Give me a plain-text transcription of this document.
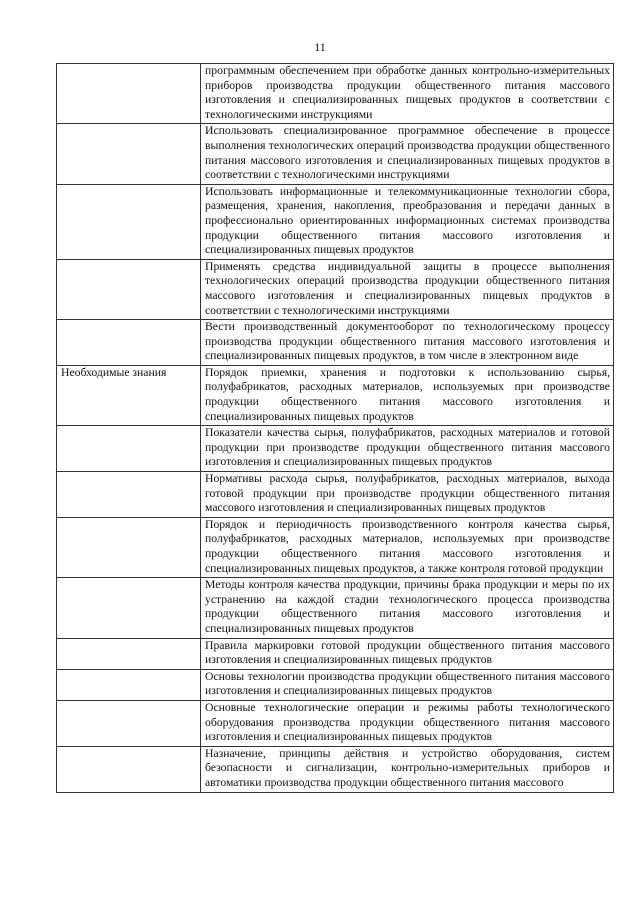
11
	программным обеспечением при обработке данных контрольно-измерительных приборов производства продукции общественного питания массового изготовления и специализированных пищевых продуктов в соответствии с технологическими инструкциями
	Использовать специализированное программное обеспечение в процессе выполнения технологических операций производства продукции общественного питания массового изготовления и специализированных пищевых продуктов в соответствии с технологическими инструкциями
	Использовать информационные и телекоммуникационные технологии сбора, размещения, хранения, накопления, преобразования и передачи данных в профессионально ориентированных информационных системах производства продукции общественного питания массового изготовления и специализированных пищевых продуктов
	Применять средства индивидуальной защиты в процессе выполнения технологических операций производства продукции общественного питания массового изготовления и специализированных пищевых продуктов в соответствии с технологическими инструкциями
	Вести производственный документооборот по технологическому процессу производства продукции общественного питания массового изготовления и специализированных пищевых продуктов, в том числе в электронном виде
Необходимые знания	Порядок приемки, хранения и подготовки к использованию сырья, полуфабрикатов, расходных материалов, используемых при производстве продукции общественного питания массового изготовления и специализированных пищевых продуктов
	Показатели качества сырья, полуфабрикатов, расходных материалов и готовой продукции при производстве продукции общественного питания массового изготовления и специализированных пищевых продуктов
	Нормативы расхода сырья, полуфабрикатов, расходных материалов, выхода готовой продукции при производстве продукции общественного питания массового изготовления и специализированных пищевых продуктов
	Порядок и периодичность производственного контроля качества сырья, полуфабрикатов, расходных материалов, используемых при производстве продукции общественного питания массового изготовления и специализированных пищевых продуктов, а также контроля готовой продукции
	Методы контроля качества продукции, причины брака продукции и меры по их устранению на каждой стадии технологического процесса производства продукции общественного питания массового изготовления и специализированных пищевых продуктов
	Правила маркировки готовой продукции общественного питания массового изготовления и специализированных пищевых продуктов
	Основы технологии производства продукции общественного питания массового изготовления и специализированных пищевых продуктов
	Основные технологические операции и режимы работы технологического оборудования производства продукции общественного питания массового изготовления и специализированных пищевых продуктов
	Назначение, принципы действия и устройство оборудования, систем безопасности и сигнализации, контрольно-измерительных приборов и автоматики производства продукции общественного питания массового
